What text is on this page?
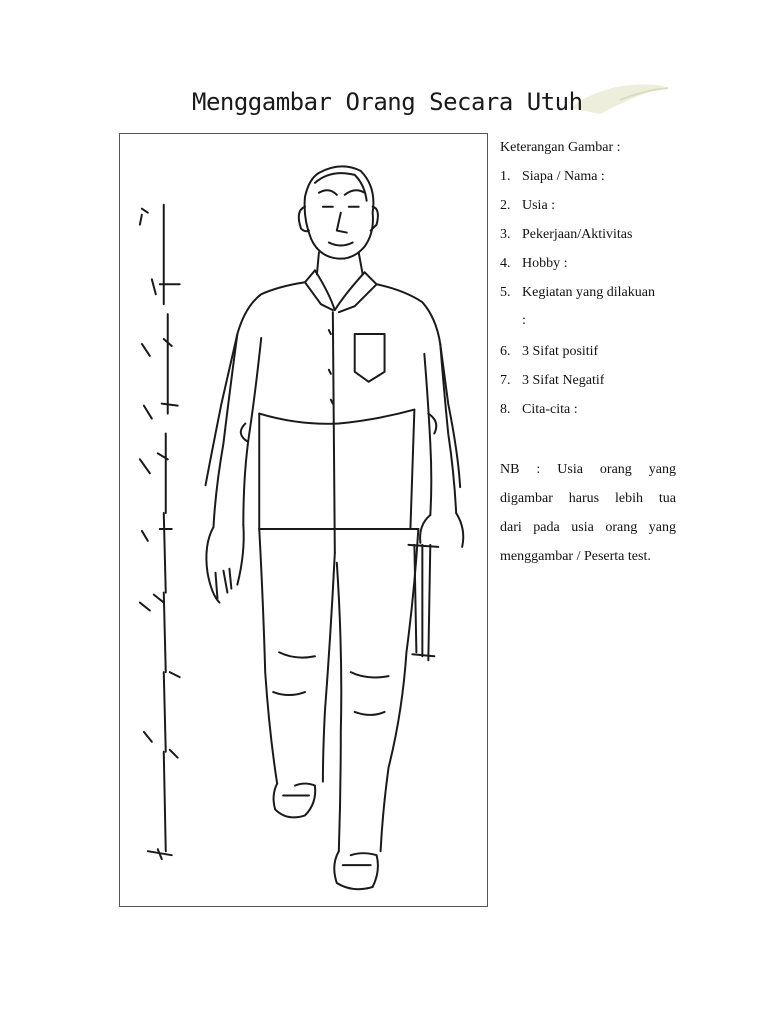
Menggambar Orang Secara Utuh
Keterangan Gambar :
1. Siapa / Nama :
2. Usia :
3. Pekerjaan/Aktivitas
4. Hobby :
5. Kegiatan yang dilakuan
:
6. 3 Sifat positif
7. 3 Sifat Negatif
8. Cita-cita :
NB : Usia orang yang
digambar harus lebih tua
dari pada usia orang yang
menggambar / Peserta test.
